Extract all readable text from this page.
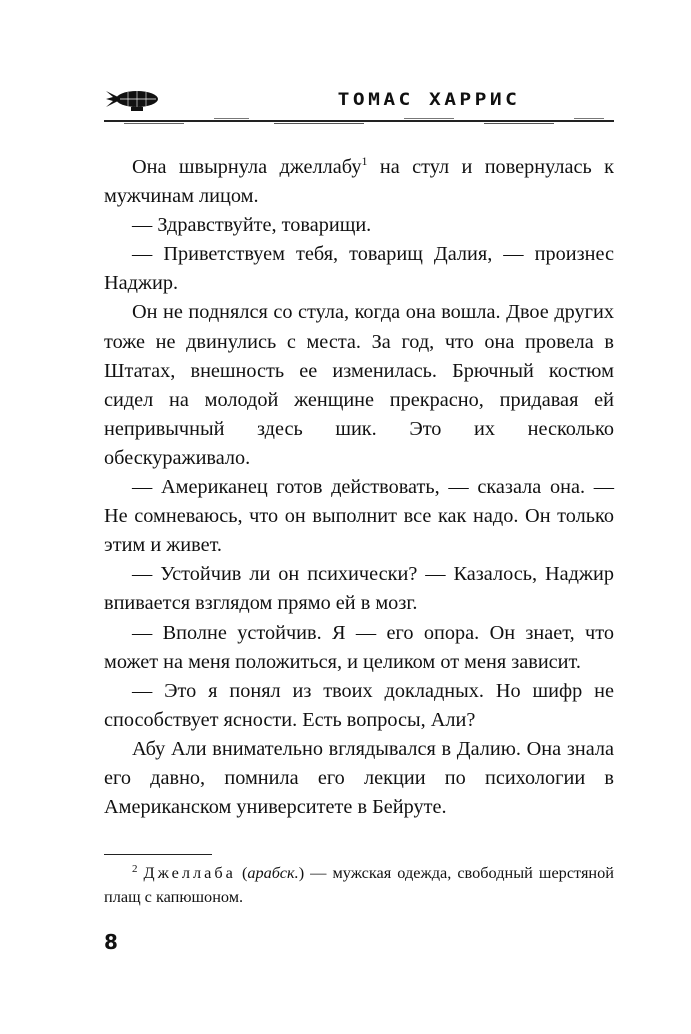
ТОМАС ХАРРИС

Она швырнула джеллабу$^1$ на стул и повернулась к мужчинам лицом.

— Здравствуйте, товарищи.

— Приветствуем тебя, товарищ Далия, — произнес Наджир.

Он не поднялся со стула, когда она вошла. Двое других тоже не двинулись с места. За год, что она провела в Штатах, внешность ее изменилась. Брючный костюм сидел на молодой женщине прекрасно, придавая ей непривычный здесь шик. Это их несколько обескураживало.

— Американец готов действовать, — сказала она. — Не сомневаюсь, что он выполнит все как надо. Он только этим и живет.

— Устойчив ли он психически? — Казалось, Наджир впивается взглядом прямо ей в мозг.

— Вполне устойчив. Я — его опора. Он знает, что может на меня положиться, и целиком от меня зависит.

— Это я понял из твоих докладных. Но шифр не способствует ясности. Есть вопросы, Али?

Абу Али внимательно вглядывался в Далию. Она знала его давно, помнила его лекции по психологии в Американском университете в Бейруте.

$^2$ Джеллаба (арабск.) — мужская одежда, свободный шерстяной плащ с капюшоном.
8
